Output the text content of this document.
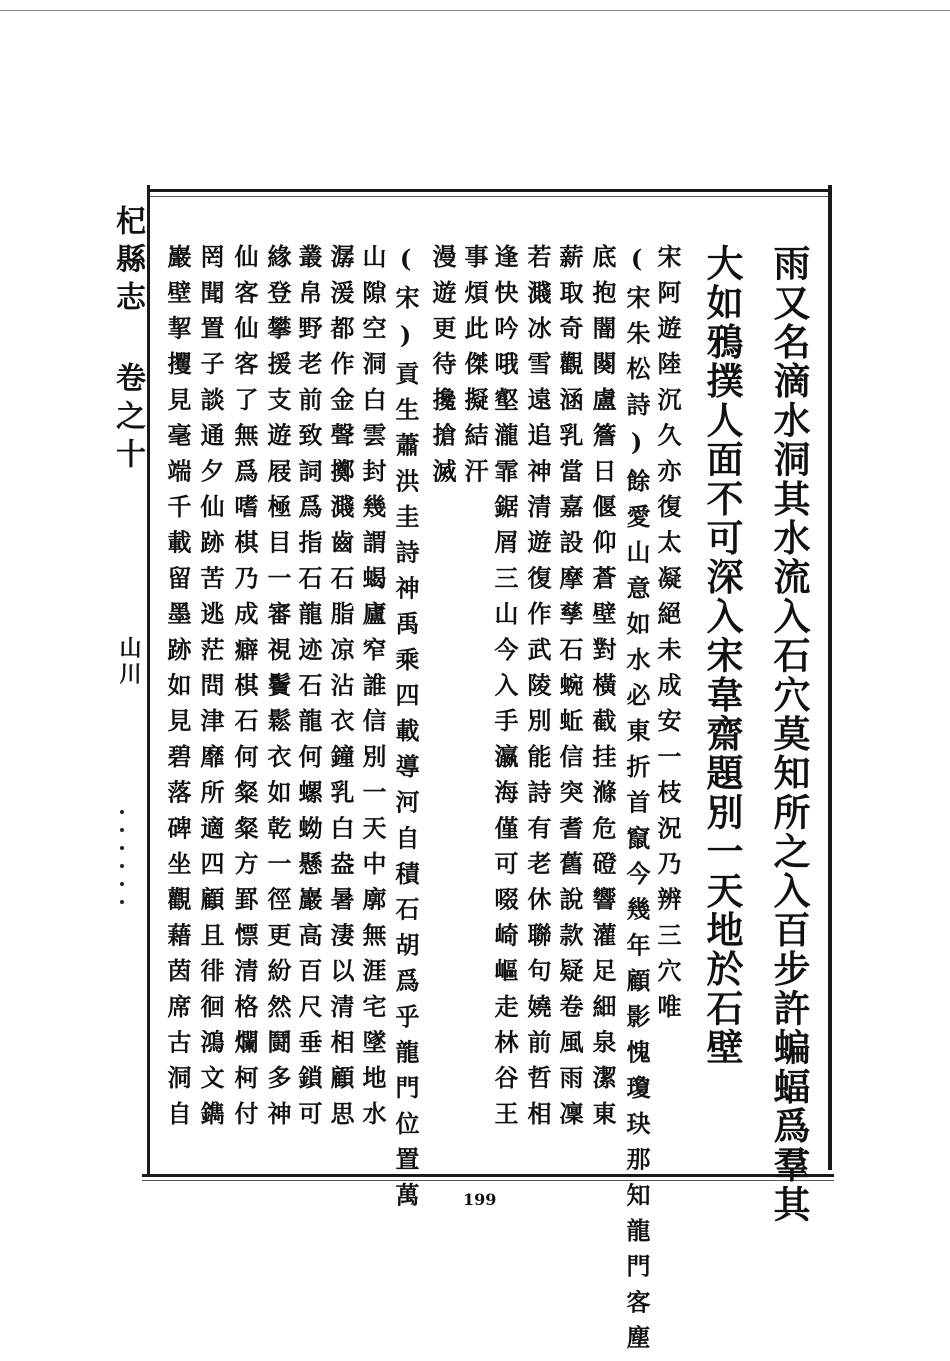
杞縣志 卷之十
山川	雨又名滴水洞其水流入石穴莫知所之入百步許蝙蝠爲羣其
大如鴉撲人面不可深入宋韋齋題別一天地於石壁
宋阿遊陸沉久亦復太凝絕未成安一枝況乃辨三穴唯
(宋朱松詩)餘愛山意如水必東折首竄今幾年顧影愧瓊玦那知龍門客塵
底抱闇闋盧簷日偃仰蒼壁對橫截挂滌危磴響灌足細泉潔東
薪取奇觀涵乳當嘉設摩孳石蜿蚯信突耆舊說款疑卷風雨凜
若濺冰雪遠追神清遊復作武陵別能詩有老休聯句嬈前哲相
逢快吟哦壑瀧霏鋸屑三山今入手瀛海僅可啜崎嶇走林谷王
事煩此傑擬結汗
漫遊更待攙搶滅
(宋)貢生蕭洪圭詩神禹乘四載導河自積石胡爲乎龍門位置萬
山隙空洞白雲封幾謂蝎廬窄誰信別一天中廓無涯宅墜地水
潺湲都作金聲擲濺齒石脂凉沾衣鐘乳白盎暑淒以清相顧思
叢帛野老前致詞爲指石龍迹石龍何螺蚴懸巖高百尺垂鎖可
緣登攀援支遊屐極目一審視鬢鬆衣如乾一徑更紛然鬪多神
仙客仙客了無爲嗜棋乃成癖棋石何粲粲方罫慓清格爛柯付
罔聞置子談通夕仙跡苦逃茫問津靡所適四顧且徘徊鴻文鐫
巖壁挈攫見毫端千載留墨跡如見碧落碑坐觀藉茵席古洞自
199
